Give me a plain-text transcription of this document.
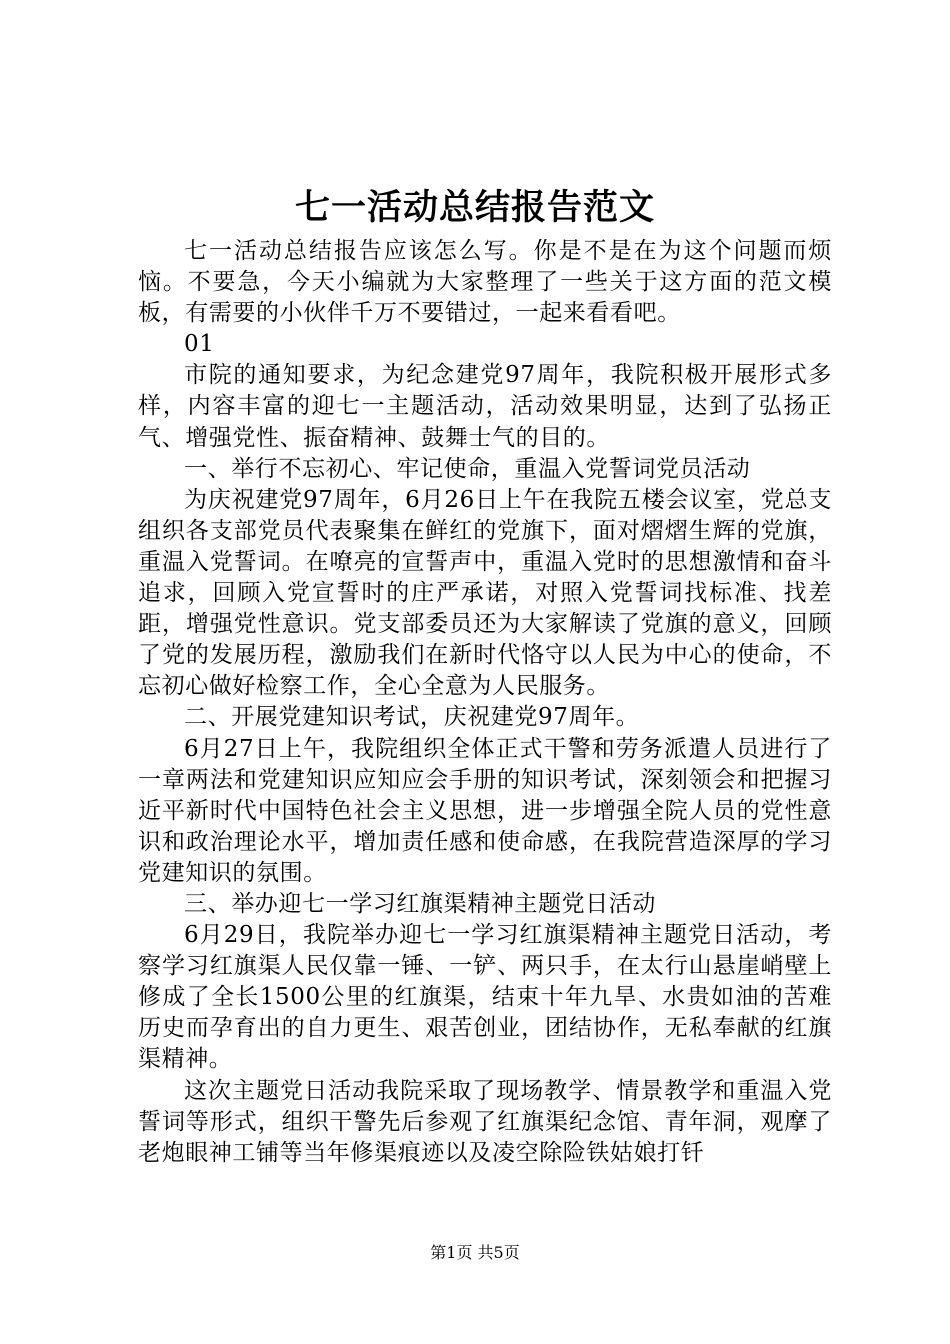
七一活动总结报告范文

七一活动总结报告应该怎么写。你是不是在为这个问题而烦恼。不要急，今天小编就为大家整理了一些关于这方面的范文模板，有需要的小伙伴千万不要错过，一起来看看吧。

01

市院的通知要求，为纪念建党97周年，我院积极开展形式多样，内容丰富的迎七一主题活动，活动效果明显，达到了弘扬正气、增强党性、振奋精神、鼓舞士气的目的。

一、举行不忘初心、牢记使命，重温入党誓词党员活动

为庆祝建党97周年，6月26日上午在我院五楼会议室，党总支组织各支部党员代表聚集在鲜红的党旗下，面对熠熠生辉的党旗，重温入党誓词。在嘹亮的宣誓声中，重温入党时的思想激情和奋斗追求，回顾入党宣誓时的庄严承诺，对照入党誓词找标准、找差距，增强党性意识。党支部委员还为大家解读了党旗的意义，回顾了党的发展历程，激励我们在新时代恪守以人民为中心的使命，不忘初心做好检察工作，全心全意为人民服务。

二、开展党建知识考试，庆祝建党97周年。

6月27日上午，我院组织全体正式干警和劳务派遣人员进行了一章两法和党建知识应知应会手册的知识考试，深刻领会和把握习近平新时代中国特色社会主义思想，进一步增强全院人员的党性意识和政治理论水平，增加责任感和使命感，在我院营造深厚的学习党建知识的氛围。

三、举办迎七一学习红旗渠精神主题党日活动

6月29日，我院举办迎七一学习红旗渠精神主题党日活动，考察学习红旗渠人民仅靠一锤、一铲、两只手，在太行山悬崖峭壁上修成了全长1500公里的红旗渠，结束十年九旱、水贵如油的苦难历史而孕育出的自力更生、艰苦创业，团结协作，无私奉献的红旗渠精神。

这次主题党日活动我院采取了现场教学、情景教学和重温入党誓词等形式，组织干警先后参观了红旗渠纪念馆、青年洞，观摩了老炮眼神工铺等当年修渠痕迹以及凌空除险铁姑娘打钎

第1页 共5页
